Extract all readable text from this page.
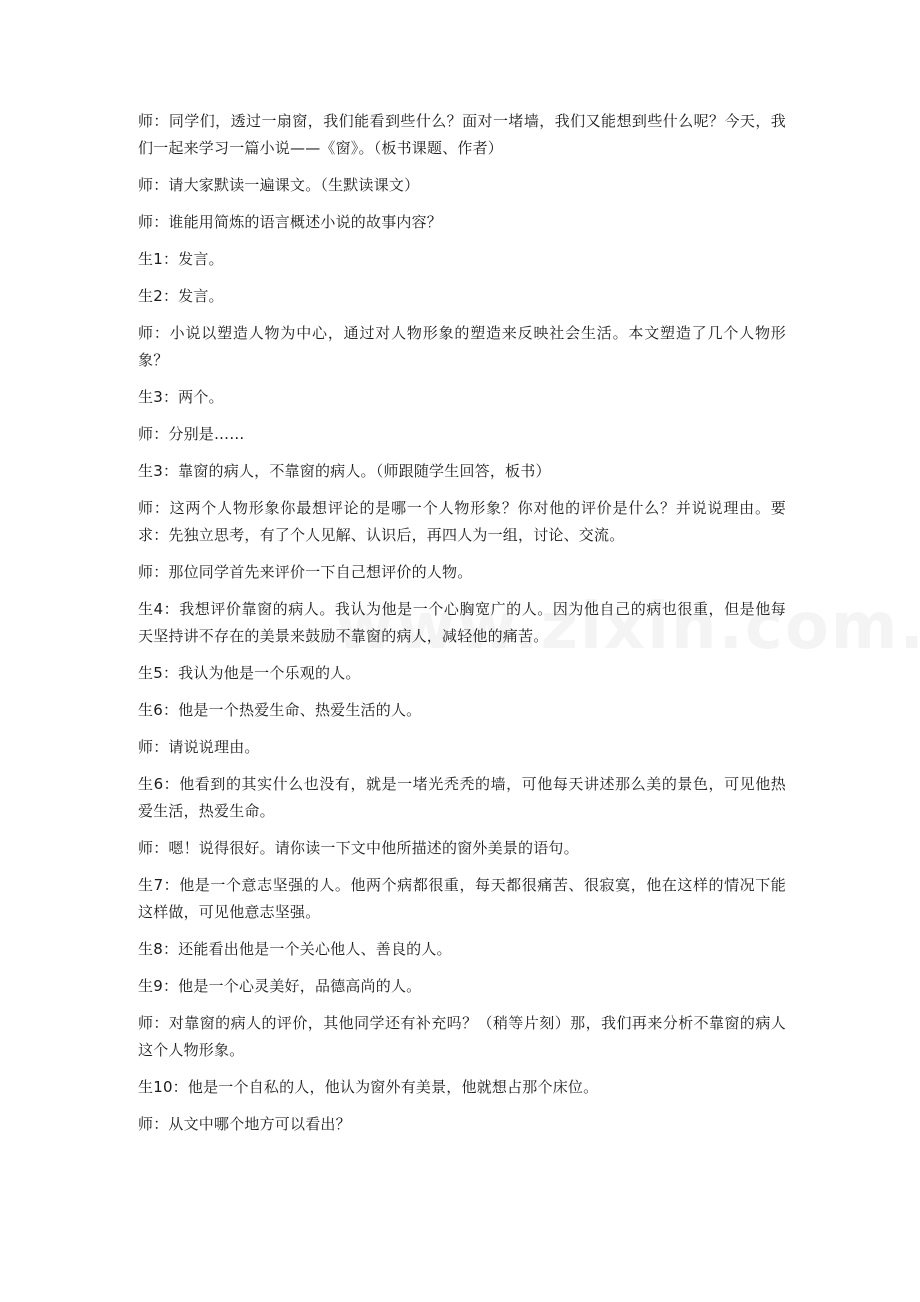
师：同学们，透过一扇窗，我们能看到些什么？面对一堵墙，我们又能想到些什么呢？今天，我们一起来学习一篇小说——《窗》。（板书课题、作者）

师：请大家默读一遍课文。（生默读课文）

师：谁能用简炼的语言概述小说的故事内容？

生1：发言。

生2：发言。

师：小说以塑造人物为中心，通过对人物形象的塑造来反映社会生活。本文塑造了几个人物形象？

生3：两个。

师：分别是……

生3：靠窗的病人，不靠窗的病人。（师跟随学生回答，板书）

师：这两个人物形象你最想评论的是哪一个人物形象？你对他的评价是什么？并说说理由。要求：先独立思考，有了个人见解、认识后，再四人为一组，讨论、交流。

师：那位同学首先来评价一下自己想评价的人物。

生4：我想评价靠窗的病人。我认为他是一个心胸宽广的人。因为他自己的病也很重，但是他每天坚持讲不存在的美景来鼓励不靠窗的病人，减轻他的痛苦。

生5：我认为他是一个乐观的人。

生6：他是一个热爱生命、热爱生活的人。

师：请说说理由。

生6：他看到的其实什么也没有，就是一堵光秃秃的墙，可他每天讲述那么美的景色，可见他热爱生活，热爱生命。

师：嗯！说得很好。请你读一下文中他所描述的窗外美景的语句。

生7：他是一个意志坚强的人。他两个病都很重，每天都很痛苦、很寂寞，他在这样的情况下能这样做，可见他意志坚强。

生8：还能看出他是一个关心他人、善良的人。

生9：他是一个心灵美好，品德高尚的人。

师：对靠窗的病人的评价，其他同学还有补充吗？（稍等片刻）那，我们再来分析不靠窗的病人这个人物形象。

生10：他是一个自私的人，他认为窗外有美景，他就想占那个床位。

师：从文中哪个地方可以看出？
